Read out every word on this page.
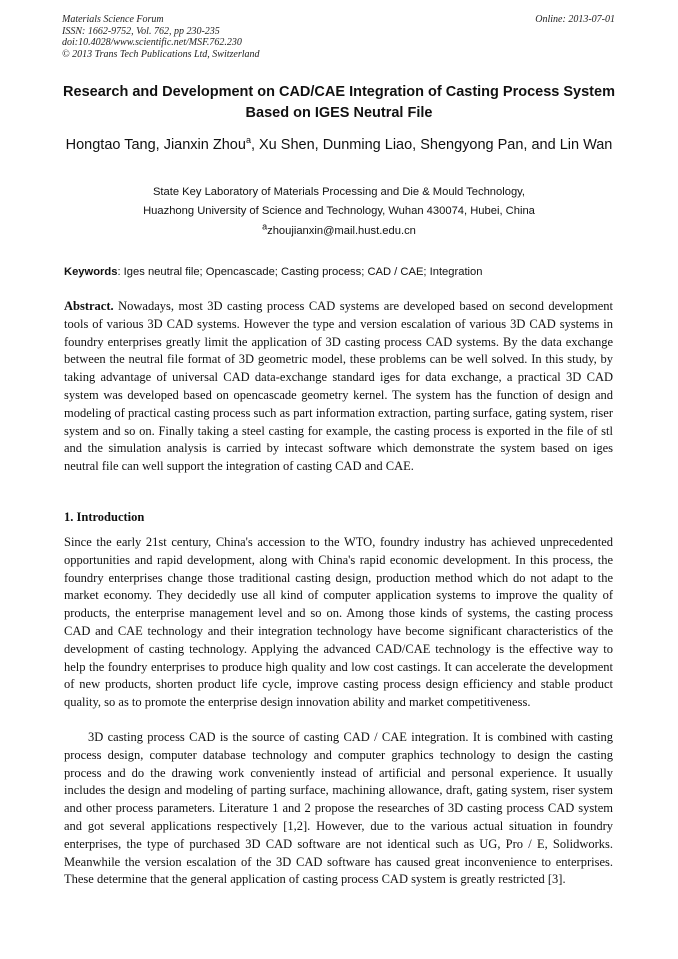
Materials Science Forum
ISSN: 1662-9752, Vol. 762, pp 230-235
doi:10.4028/www.scientific.net/MSF.762.230
© 2013 Trans Tech Publications Ltd, Switzerland
Online: 2013-07-01
Research and Development on CAD/CAE Integration of Casting Process System Based on IGES Neutral File
Hongtao Tang, Jianxin Zhou$^a$, Xu Shen, Dunming Liao, Shengyong Pan, and Lin Wan
State Key Laboratory of Materials Processing and Die & Mould Technology,
Huazhong University of Science and Technology, Wuhan 430074, Hubei, China
$^a$zhoujianxin@mail.hust.edu.cn
Keywords: Iges neutral file; Opencascade; Casting process; CAD / CAE; Integration
Abstract. Nowadays, most 3D casting process CAD systems are developed based on second development tools of various 3D CAD systems. However the type and version escalation of various 3D CAD systems in foundry enterprises greatly limit the application of 3D casting process CAD systems. By the data exchange between the neutral file format of 3D geometric model, these problems can be well solved. In this study, by taking advantage of universal CAD data-exchange standard iges for data exchange, a practical 3D CAD system was developed based on opencascade geometry kernel. The system has the function of design and modeling of practical casting process such as part information extraction, parting surface, gating system, riser system and so on. Finally taking a steel casting for example, the casting process is exported in the file of stl and the simulation analysis is carried by intecast software which demonstrate the system based on iges neutral file can well support the integration of casting CAD and CAE.
1. Introduction
Since the early 21st century, China's accession to the WTO, foundry industry has achieved unprecedented opportunities and rapid development, along with China's rapid economic development. In this process, the foundry enterprises change those traditional casting design, production method which do not adapt to the market economy. They decidedly use all kind of computer application systems to improve the quality of products, the enterprise management level and so on. Among those kinds of systems, the casting process CAD and CAE technology and their integration technology have become significant characteristics of the development of casting technology. Applying the advanced CAD/CAE technology is the effective way to help the foundry enterprises to produce high quality and low cost castings. It can accelerate the development of new products, shorten product life cycle, improve casting process design efficiency and stable product quality, so as to promote the enterprise design innovation ability and market competitiveness.
3D casting process CAD is the source of casting CAD / CAE integration. It is combined with casting process design, computer database technology and computer graphics technology to design the casting process and do the drawing work conveniently instead of artificial and personal experience. It usually includes the design and modeling of parting surface, machining allowance, draft, gating system, riser system and other process parameters. Literature 1 and 2 propose the researches of 3D casting process CAD system and got several applications respectively [1,2]. However, due to the various actual situation in foundry enterprises, the type of purchased 3D CAD software are not identical such as UG, Pro / E, Solidworks. Meanwhile the version escalation of the 3D CAD software has caused great inconvenience to enterprises. These determine that the general application of casting process CAD system is greatly restricted [3].
